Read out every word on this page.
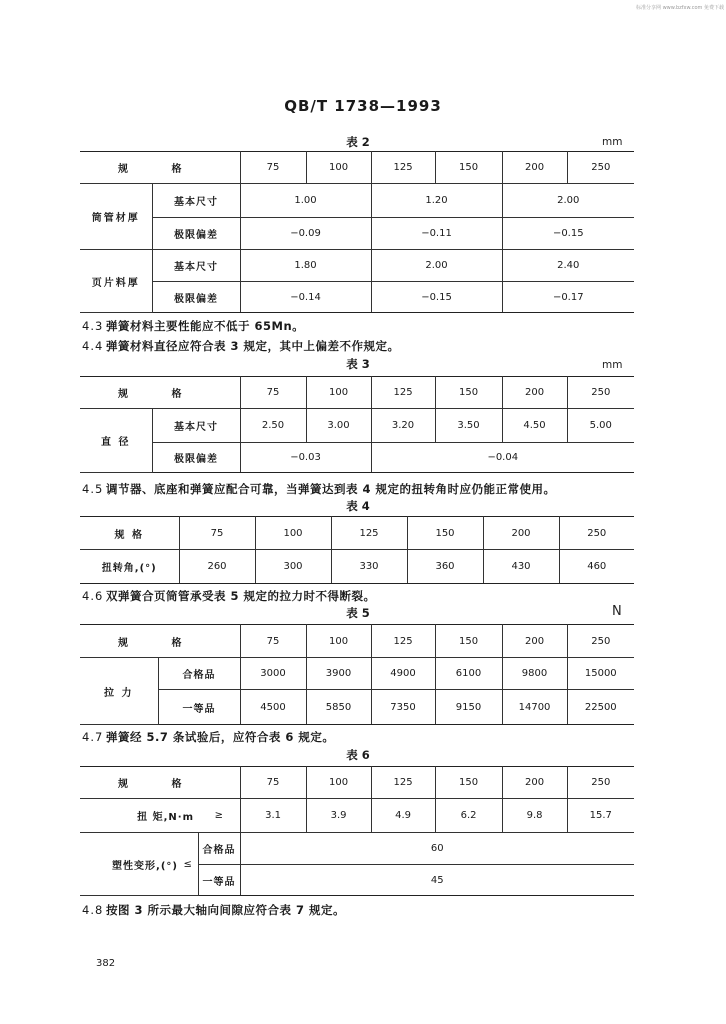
标准分享网 www.bzfxw.com 免费下载
QB/T 1738—1993
表 2	mm
规 格		75	100	125	150	200	250
筒管材厚	基本尺寸	1.00		1.20		2.00	
	极限偏差	−0.09		−0.11		−0.15	
页片料厚	基本尺寸	1.80		2.00		2.40	
	极限偏差	−0.14		−0.15		−0.17	
4.3 弹簧材料主要性能应不低于 65Mn。
4.4 弹簧材料直径应符合表 3 规定，其中上偏差不作规定。
表 3	mm
规 格		75	100	125	150	200	250
直 径	基本尺寸	2.50	3.00	3.20	3.50	4.50	5.00
	极限偏差	−0.03		−0.04			
4.5 调节器、底座和弹簧应配合可靠，当弹簧达到表 4 规定的扭转角时应仍能正常使用。
表 4
规 格	75	100	125	150	200	250
扭转角,(°)	260	300	330	360	430	460
4.6 双弹簧合页筒管承受表 5 规定的拉力时不得断裂。
表 5	N
规 格		75	100	125	150	200	250
拉 力	合格品	3000	3900	4900	6100	9800	15000
	一等品	4500	5850	7350	9150	14700	22500
4.7 弹簧经 5.7 条试验后，应符合表 6 规定。
表 6
规 格			75	100	125	150	200	250
扭 矩,N·m		≥	3.1	3.9	4.9	6.2	9.8	15.7
塑性变形,(°)	≤	合格品	60					
		一等品	45					
4.8 按图 3 所示最大轴向间隙应符合表 7 规定。
382
